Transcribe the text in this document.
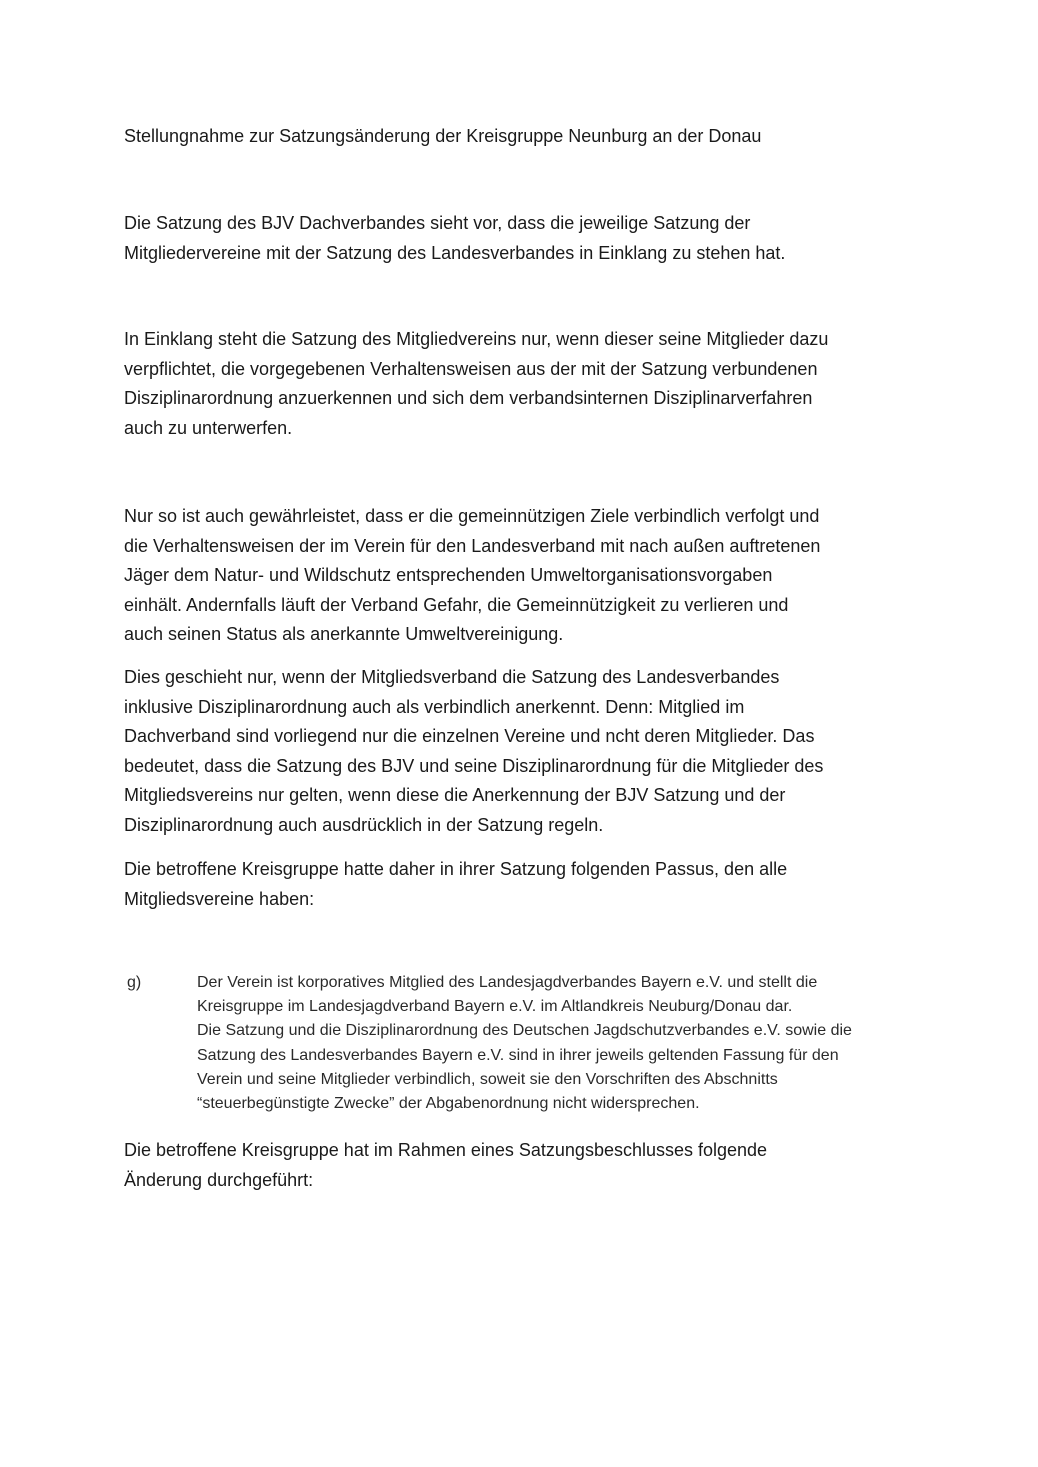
Stellungnahme zur Satzungsänderung der Kreisgruppe Neunburg an der Donau

Die Satzung des BJV Dachverbandes sieht vor, dass die jeweilige Satzung der
Mitgliedervereine mit der Satzung des Landesverbandes in Einklang zu stehen hat.

In Einklang steht die Satzung des Mitgliedvereins nur, wenn dieser seine Mitglieder dazu
verpflichtet, die vorgegebenen Verhaltensweisen aus der mit der Satzung verbundenen
Disziplinarordnung anzuerkennen und sich dem verbandsinternen Disziplinarverfahren
auch zu unterwerfen.

Nur so ist auch gewährleistet, dass er die gemeinnützigen Ziele verbindlich verfolgt und
die Verhaltensweisen der im Verein für den Landesverband mit nach außen auftretenen
Jäger dem Natur- und Wildschutz entsprechenden Umweltorganisationsvorgaben
einhält. Andernfalls läuft der Verband Gefahr, die Gemeinnützigkeit zu verlieren und
auch seinen Status als anerkannte Umweltvereinigung.

Dies geschieht nur, wenn der Mitgliedsverband die Satzung des Landesverbandes
inklusive Disziplinarordnung auch als verbindlich anerkennt. Denn: Mitglied im
Dachverband sind vorliegend nur die einzelnen Vereine und ncht deren Mitglieder. Das
bedeutet, dass die Satzung des BJV und seine Disziplinarordnung für die Mitglieder des
Mitgliedsvereins nur gelten, wenn diese die Anerkennung der BJV Satzung und der
Disziplinarordnung auch ausdrücklich in der Satzung regeln.

Die betroffene Kreisgruppe hatte daher in ihrer Satzung folgenden Passus, den alle
Mitgliedsvereine haben:

g)	Der Verein ist korporatives Mitglied des Landesjagdverbandes Bayern e.V. und stellt die
Kreisgruppe im Landesjagdverband Bayern e.V. im Altlandkreis Neuburg/Donau dar.
Die Satzung und die Disziplinarordnung des Deutschen Jagdschutzverbandes e.V. sowie die
Satzung des Landesverbandes Bayern e.V. sind in ihrer jeweils geltenden Fassung für den
Verein und seine Mitglieder verbindlich, soweit sie den Vorschriften des Abschnitts
“steuerbegünstigte Zwecke” der Abgabenordnung nicht widersprechen.

Die betroffene Kreisgruppe hat im Rahmen eines Satzungsbeschlusses folgende
Änderung durchgeführt:
